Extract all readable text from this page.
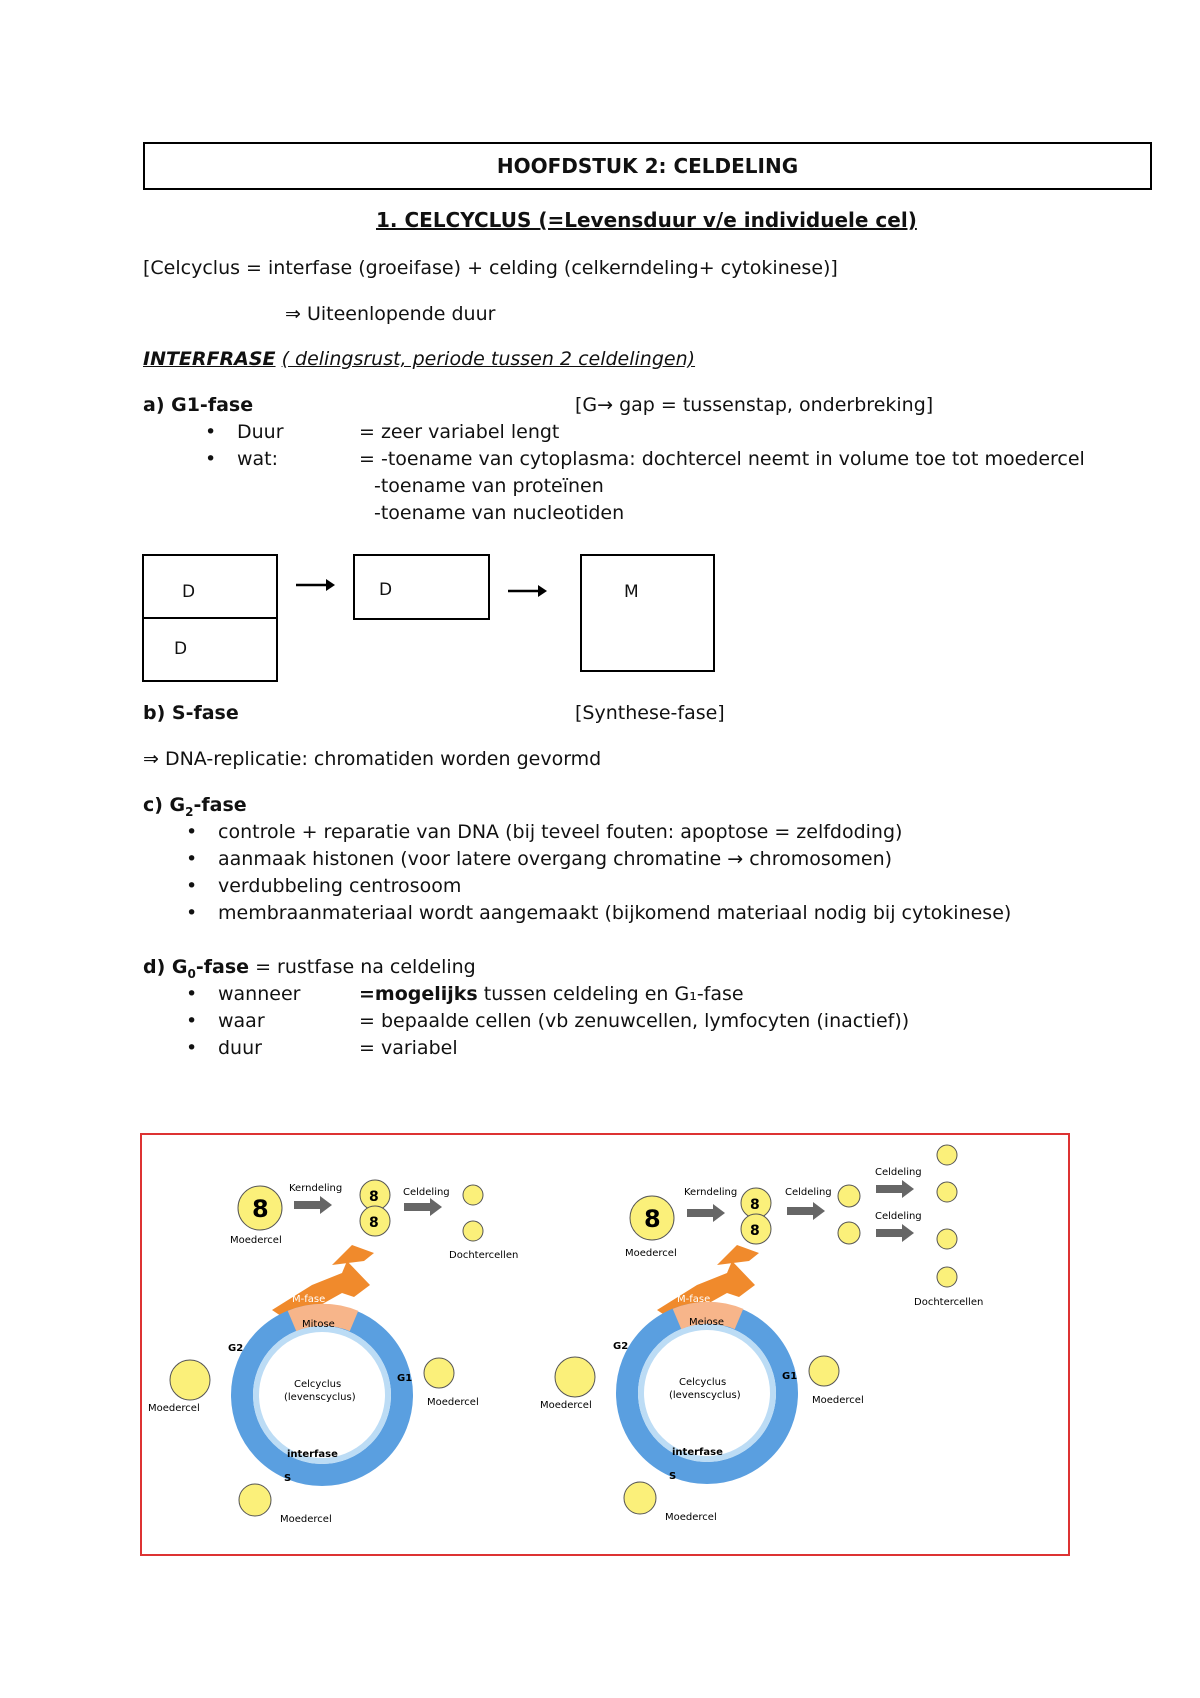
HOOFDSTUK 2: CELDELING
1. CELCYCLUS (=Levensduur v/e individuele cel)
[Celcyclus = interfase (groeifase) + celding (celkerndeling+ cytokinese)]
⇒ Uiteenlopende duur
INTERFRASE ( delingsrust, periode tussen 2 celdelingen)
a) G1-fase	[G→ gap = tussenstap, onderbreking]
• Duur	= zeer variabel lengt
• wat:	= -toename van cytoplasma: dochtercel neemt in volume toe tot moedercel
-toename van proteïnen
-toename van nucleotiden
D
D
D	M
b) S-fase	[Synthese-fase]
⇒ DNA-replicatie: chromatiden worden gevormd
c) $G_2$-fase
• controle + reparatie van DNA (bij teveel fouten: apoptose = zelfdoding)
• aanmaak histonen (voor latere overgang chromatine → chromosomen)
• verdubbeling centrosoom
• membraanmateriaal wordt aangemaakt (bijkomend materiaal nodig bij cytokinese)
d) $G_0$-fase = rustfase na celdeling
• wanneer	=mogelijks tussen celdeling en G₁-fase
• waar	= bepaalde cellen (vb zenuwcellen, lymfocyten (inactief))
• duur	= variabel
8
Moedercel
Kerndeling
8
8
Celdeling
Dochtercellen
M-fase
Mitose
Celcyclus
(levenscyclus)
G1
G2
interfase
S
Moedercel
Moedercel
Moedercel
8
Moedercel
Kerndeling
8
8
Celdeling
Celdeling
Celdeling
Dochtercellen
M-fase
Meiose
Celcyclus
(levenscyclus)
G1
G2
interfase
S
Moedercel	Moedercel
Moedercel
